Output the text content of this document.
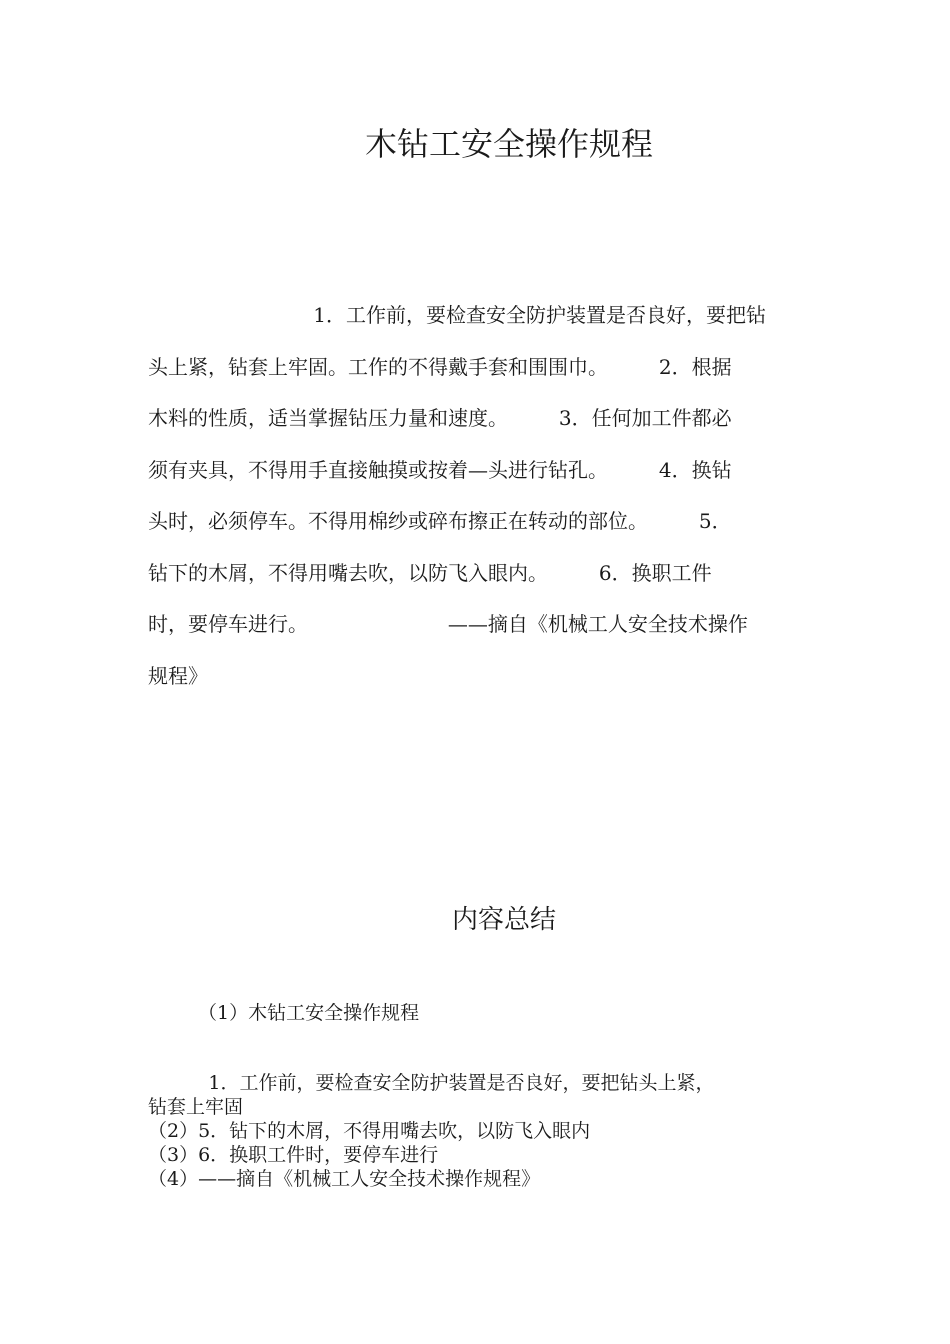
木钻工安全操作规程
1．工作前，要检查安全防护装置是否良好，要把钻
头上紧，钻套上牢固。工作的不得戴手套和围围巾。        2．根据
木料的性质，适当掌握钻压力量和速度。        3．任何加工件都必
须有夹具，不得用手直接触摸或按着—头进行钻孔。        4．换钻
头时，必须停车。不得用棉纱或碎布擦正在转动的部位。        5．
钻下的木屑，不得用嘴去吹，以防飞入眼内。        6．换职工件
时，要停车进行。                      ——摘自《机械工人安全技术操作
规程》
内容总结

（1）木钻工安全操作规程

1．工作前，要检查安全防护装置是否良好，要把钻头上紧，
钻套上牢固
（2）5．钻下的木屑，不得用嘴去吹，以防飞入眼内
（3）6．换职工件时，要停车进行
（4）——摘自《机械工人安全技术操作规程》
